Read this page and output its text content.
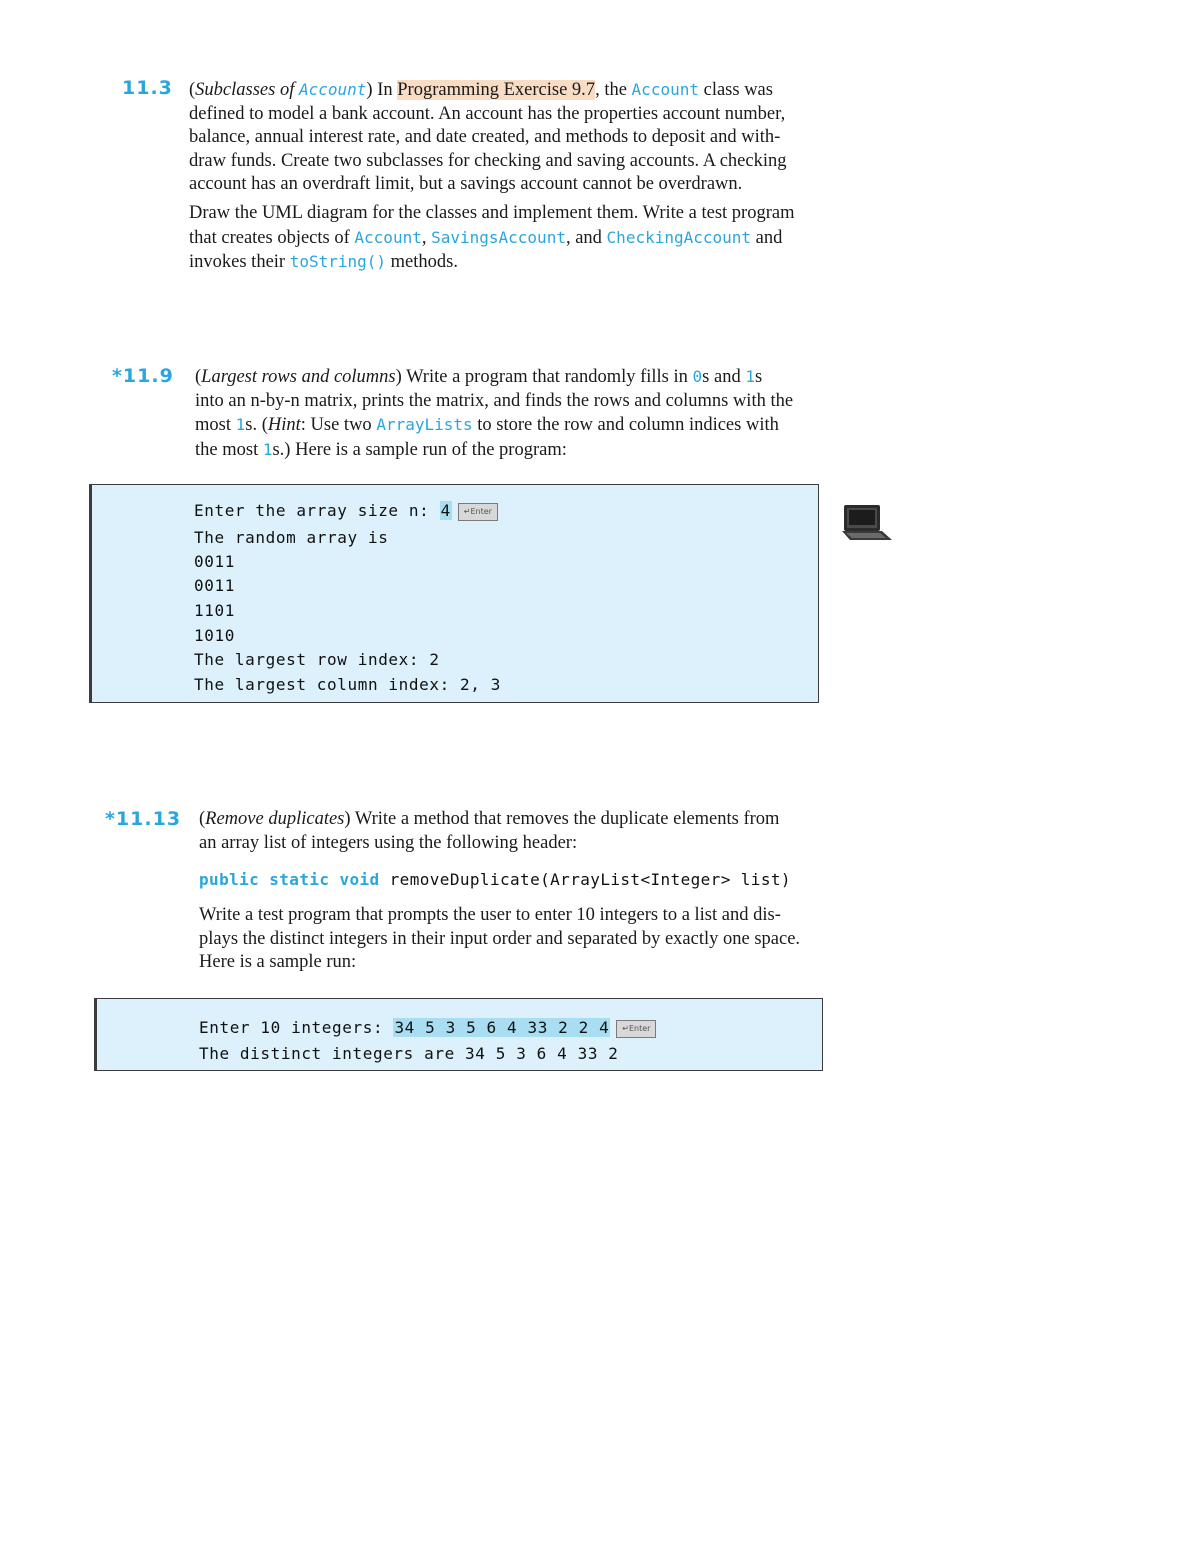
11.3 (Subclasses of Account) In Programming Exercise 9.7, the Account class was
defined to model a bank account. An account has the properties account number,
balance, annual interest rate, and date created, and methods to deposit and with-
draw funds. Create two subclasses for checking and saving accounts. A checking
account has an overdraft limit, but a savings account cannot be overdrawn.
Draw the UML diagram for the classes and implement them. Write a test program
that creates objects of Account, SavingsAccount, and CheckingAccount and
invokes their toString() methods.
*11.9 (Largest rows and columns) Write a program that randomly fills in 0s and 1s
into an n-by-n matrix, prints the matrix, and finds the rows and columns with the
most 1s. (Hint: Use two ArrayLists to store the row and column indices with
the most 1s.) Here is a sample run of the program:
Enter the array size n: 4 ↵Enter
The random array is
0011
0011
1101
1010
The largest row index: 2
The largest column index: 2, 3
*11.13 (Remove duplicates) Write a method that removes the duplicate elements from
an array list of integers using the following header:
public static void removeDuplicate(ArrayList<Integer> list)
Write a test program that prompts the user to enter 10 integers to a list and dis-
plays the distinct integers in their input order and separated by exactly one space.
Here is a sample run:
Enter 10 integers: 34 5 3 5 6 4 33 2 2 4 ↵Enter
The distinct integers are 34 5 3 6 4 33 2
